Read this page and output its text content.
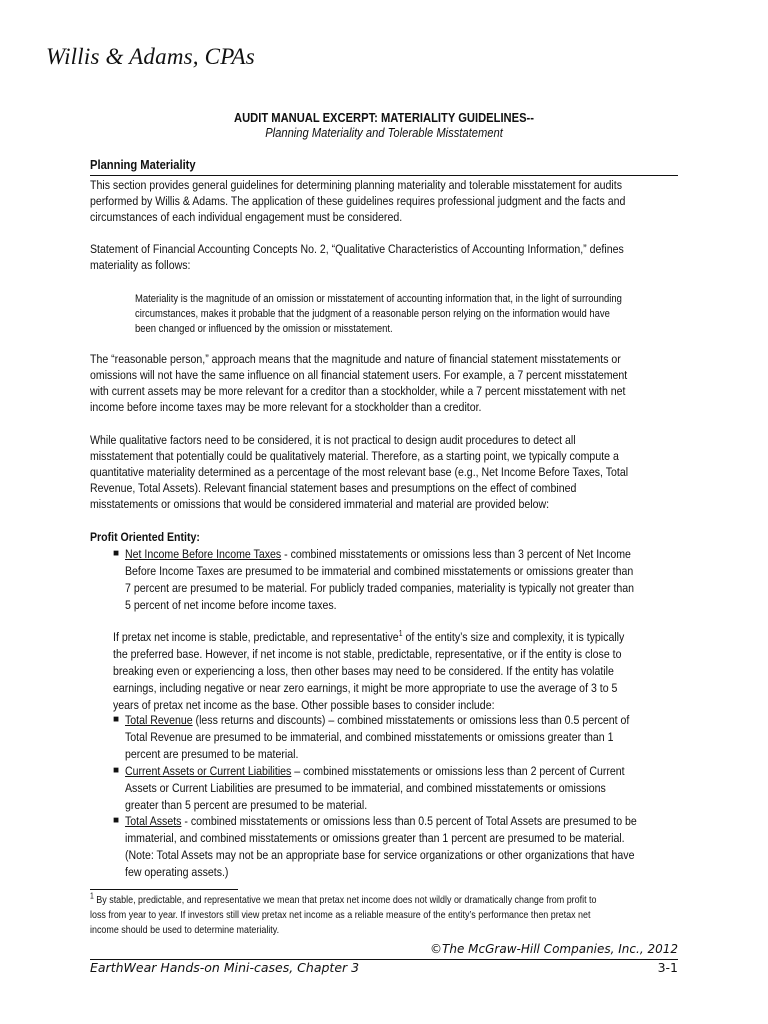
Willis & Adams, CPAs
AUDIT MANUAL EXCERPT: MATERIALITY GUIDELINES--
Planning Materiality and Tolerable Misstatement
Planning Materiality
This section provides general guidelines for determining planning materiality and tolerable misstatement for audits
performed by Willis & Adams. The application of these guidelines requires professional judgment and the facts and
circumstances of each individual engagement must be considered.
Statement of Financial Accounting Concepts No. 2, “Qualitative Characteristics of Accounting Information,” defines
materiality as follows:
Materiality is the magnitude of an omission or misstatement of accounting information that, in the light of surrounding
circumstances, makes it probable that the judgment of a reasonable person relying on the information would have
been changed or influenced by the omission or misstatement.
The “reasonable person,” approach means that the magnitude and nature of financial statement misstatements or
omissions will not have the same influence on all financial statement users. For example, a 7 percent misstatement
with current assets may be more relevant for a creditor than a stockholder, while a 7 percent misstatement with net
income before income taxes may be more relevant for a stockholder than a creditor.
While qualitative factors need to be considered, it is not practical to design audit procedures to detect all
misstatement that potentially could be qualitatively material. Therefore, as a starting point, we typically compute a
quantitative materiality determined as a percentage of the most relevant base (e.g., Net Income Before Taxes, Total
Revenue, Total Assets). Relevant financial statement bases and presumptions on the effect of combined
misstatements or omissions that would be considered immaterial and material are provided below:
Profit Oriented Entity:
■ Net Income Before Income Taxes - combined misstatements or omissions less than 3 percent of Net Income
Before Income Taxes are presumed to be immaterial and combined misstatements or omissions greater than
7 percent are presumed to be material. For publicly traded companies, materiality is typically not greater than
5 percent of net income before income taxes.
If pretax net income is stable, predictable, and representative$^1$ of the entity’s size and complexity, it is typically
the preferred base. However, if net income is not stable, predictable, representative, or if the entity is close to
breaking even or experiencing a loss, then other bases may need to be considered. If the entity has volatile
earnings, including negative or near zero earnings, it might be more appropriate to use the average of 3 to 5
years of pretax net income as the base. Other possible bases to consider include:
■ Total Revenue (less returns and discounts) – combined misstatements or omissions less than 0.5 percent of
Total Revenue are presumed to be immaterial, and combined misstatements or omissions greater than 1
percent are presumed to be material.
■ Current Assets or Current Liabilities – combined misstatements or omissions less than 2 percent of Current
Assets or Current Liabilities are presumed to be immaterial, and combined misstatements or omissions
greater than 5 percent are presumed to be material.
■ Total Assets - combined misstatements or omissions less than 0.5 percent of Total Assets are presumed to be
immaterial, and combined misstatements or omissions greater than 1 percent are presumed to be material.
(Note: Total Assets may not be an appropriate base for service organizations or other organizations that have
few operating assets.)
$^1$ By stable, predictable, and representative we mean that pretax net income does not wildly or dramatically change from profit to
loss from year to year. If investors still view pretax net income as a reliable measure of the entity’s performance then pretax net
income should be used to determine materiality.
©The McGraw-Hill Companies, Inc., 2012
EarthWear Hands-on Mini-cases, Chapter 3	3-1
